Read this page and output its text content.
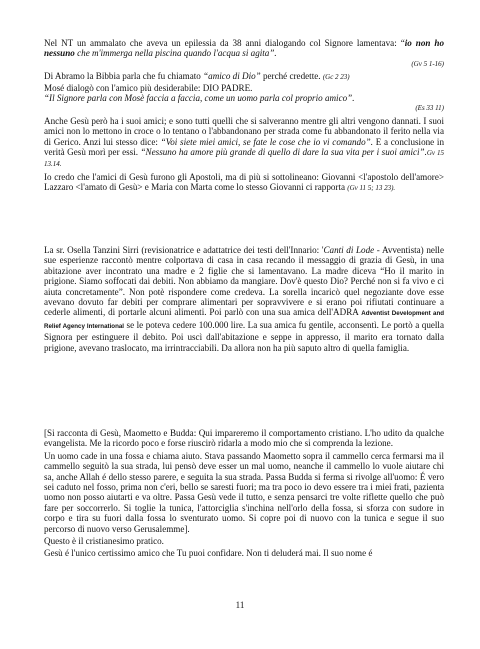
Nel NT un ammalato che aveva un epilessia da 38 anni dialogando col Signore lamentava: “io non ho nessuno che m'immerga nella piscina quando l'acqua si agita”.
(Gv 5 1-16)

Di Abramo la Bibbia parla che fu chiamato “amico di Dio” perché credette. (Gc 2 23)
Mosé dialogò con l'amico più desiderabile: DIO PADRE.
“Il Signore parla con Mosè faccia a faccia, come un uomo parla col proprio amico”.
(Es 33 11)

Anche Gesù però ha i suoi amici; e sono tutti quelli che si salveranno mentre gli altri vengono dannati. I suoi amici non lo mettono in croce o lo tentano o l'abbandonano per strada come fu abbandonato il ferito nella via di Gerico. Anzi lui stesso dice: “Voi siete miei amici, se fate le cose che io vi comando”. E a conclusione in verità Gesù morì per essi. “Nessuno ha amore più grande di quello di dare la sua vita per i suoi amici”.Gv 15 13.14.

Io credo che l'amici di Gesù furono gli Apostoli, ma di più si sottolineano: Giovanni <l'apostolo dell'amore> Lazzaro <l'amato di Gesù> e Maria con Marta come lo stesso Giovanni ci rapporta (Gv 11 5; 13 23).

La sr. Osella Tanzini Sirri (revisionatrice e adattatrice dei testi dell'Innario: 'Canti di Lode - Avventista) nelle sue esperienze raccontò mentre colportava di casa in casa recando il messaggio di grazia di Gesù, in una abitazione aver incontrato una madre e 2 figlie che si lamentavano. La madre diceva “Ho il marito in prigione. Siamo soffocati dai debiti. Non abbiamo da mangiare. Dov'è questo Dio? Perché non si fa vivo e ci aiuta concretamente”. Non potè rispondere come credeva. La sorella incaricò quel negoziante dove esse avevano dovuto far debiti per comprare alimentari per sopravvivere e si erano poi rifiutati continuare a cederle alimenti, di portarle alcuni alimenti. Poi parlò con una sua amica dell'ADRA Adventist Development and Relief Agency International se le poteva cedere 100.000 lire. La sua amica fu gentile, acconsentì. Le portò a quella Signora per estinguere il debito. Poi uscì dall'abitazione e seppe in appresso, il marito era tornato dalla prigione, avevano traslocato, ma irrintracciabili. Da allora non ha più saputo altro di quella famiglia.

[Si racconta di Gesù, Maometto e Budda: Qui impareremo il comportamento cristiano. L'ho udito da qualche evangelista. Me la ricordo poco e forse riuscirò ridarla a modo mio che si comprenda la lezione.

Un uomo cade in una fossa e chiama aiuto. Stava passando Maometto sopra il cammello cerca fermarsi ma il cammello seguitò la sua strada, lui pensò deve esser un mal uomo, neanche il cammello lo vuole aiutare chi sa, anche Allah é dello stesso parere, e seguita la sua strada. Passa Budda si ferma si rivolge all'uomo: É vero sei caduto nel fosso, prima non c'eri, bello se saresti fuori; ma tra poco io devo essere tra i miei frati, pazienta uomo non posso aiutarti e va oltre. Passa Gesù vede il tutto, e senza pensarci tre volte riflette quello che può fare per soccorrerlo. Si toglie la tunica, l'attorciglia s'inchina nell'orlo della fossa, si sforza con sudore in corpo e tira su fuori dalla fossa lo sventurato uomo. Si copre poi di nuovo con la tunica e segue il suo percorso di nuovo verso Gerusalemme].

Questo è il cristianesimo pratico.

Gesù é l'unico certissimo amico che Tu puoi confidare. Non ti deluderá mai. Il suo nome é

11
